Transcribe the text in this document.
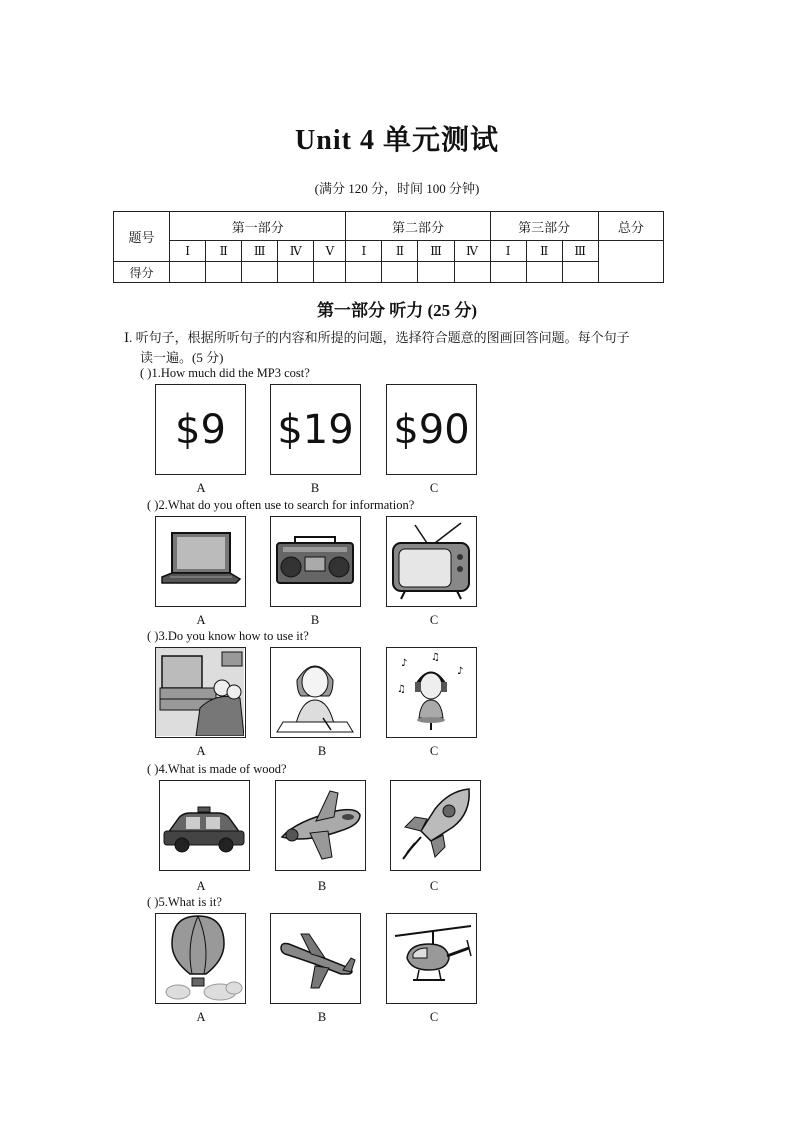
Unit 4 单元测试
(满分 120 分，时间 100 分钟)
题号	第一部分					第二部分				第三部分			总分
	Ⅰ	Ⅱ	Ⅲ	Ⅳ	Ⅴ	Ⅰ	Ⅱ	Ⅲ	Ⅳ	Ⅰ	Ⅱ	Ⅲ	
得分													
第一部分 听力 (25 分)
Ⅰ. 听句子，根据所听句子的内容和所提的问题，选择符合题意的图画回答问题。每个句子
读一遍。(5 分)
( )1.How much did the MP3 cost?
$9	$19 $90
A	B	C
( )2.What do you often use to search for information?
A	B	C
( )3.Do you know how to use it?
♪
♫
♪
♫
A	B	C
( )4.What is made of wood?
A	B	C
( )5.What is it?
A	B	C
